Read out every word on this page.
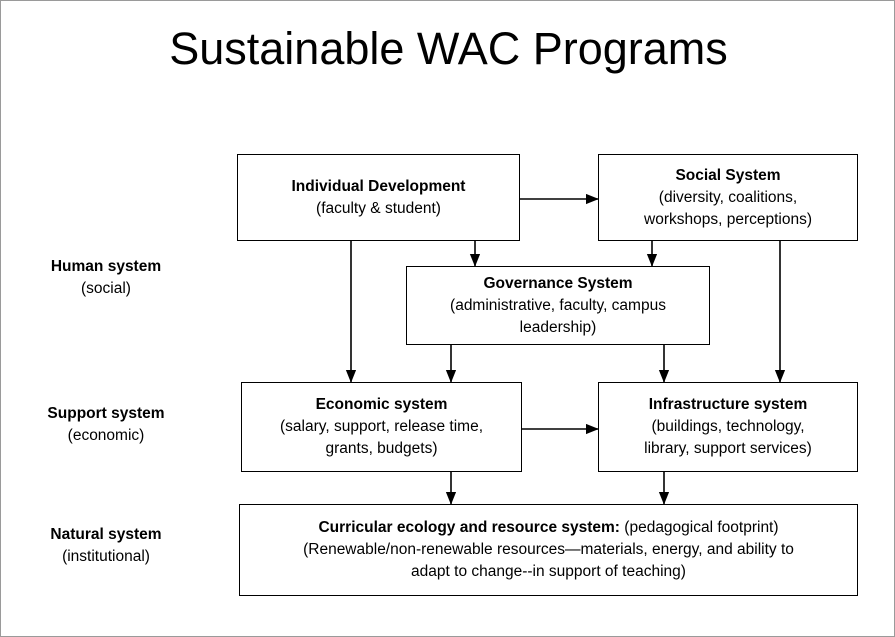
Sustainable WAC Programs
Human system
(social)
Support system
(economic)
Natural system
(institutional)
Individual Development
(faculty & student)
Social System
(diversity, coalitions,
workshops, perceptions)
Governance System
(administrative, faculty, campus
leadership)
Economic system
(salary, support, release time,
grants, budgets)
Infrastructure system
(buildings, technology,
library, support services)
Curricular ecology and resource system: (pedagogical footprint)
(Renewable/non-renewable resources—materials, energy, and ability to
adapt to change--in support of teaching)
